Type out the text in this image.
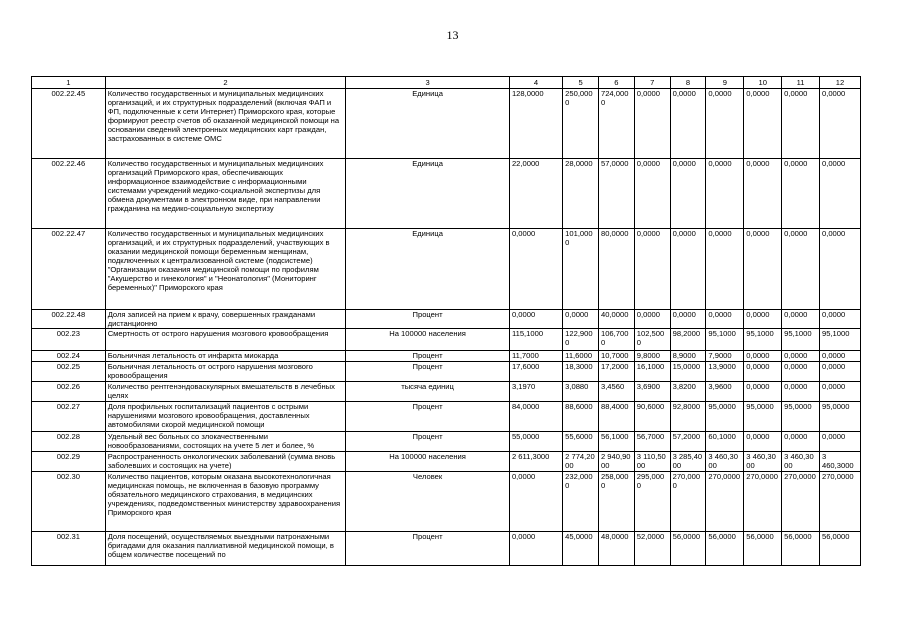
13
1	2	3	4	5	6	7	8	9	10	11	12
002.22.45	Количество государственных и муниципальных медицинских организаций, и их структурных подразделений (включая ФАП и ФП, подключенные к сети Интернет) Приморского края, которые формируют реестр счетов об оказанной медицинской помощи на основании сведений электронных медицинских карт граждан, застрахованных в системе ОМС	Единица	128,0000	250,0000	724,0000	0,0000	0,0000	0,0000	0,0000	0,0000	0,0000
002.22.46	Количество государственных и муниципальных медицинских организаций Приморского края, обеспечивающих информационное взаимодействие с информационными системами учреждений медико-социальной экспертизы для обмена документами в электронном виде, при направлении гражданина на медико-социальную экспертизу	Единица	22,0000	28,0000	57,0000	0,0000	0,0000	0,0000	0,0000	0,0000	0,0000
002.22.47	Количество государственных и муниципальных медицинских организаций, и их структурных подразделений, участвующих в оказании медицинской помощи беременным женщинам, подключенных к централизованной системе (подсистеме) "Организации оказания медицинской помощи по профилям "Акушерство и гинекология" и "Неонатология" (Мониторинг беременных)" Приморского края	Единица	0,0000	101,0000	80,0000	0,0000	0,0000	0,0000	0,0000	0,0000	0,0000
002.22.48	Доля записей на прием к врачу, совершенных гражданами дистанционно	Процент	0,0000	0,0000	40,0000	0,0000	0,0000	0,0000	0,0000	0,0000	0,0000
002.23	Смертность от острого нарушения мозгового кровообращения	На 100000 населения	115,1000	122,9000	106,7000	102,5000	98,2000	95,1000	95,1000	95,1000	95,1000
002.24	Больничная летальность от инфаркта миокарда	Процент	11,7000	11,6000	10,7000	9,8000	8,9000	7,9000	0,0000	0,0000	0,0000
002.25	Больничная летальность от острого нарушения мозгового кровообращения	Процент	17,6000	18,3000	17,2000	16,1000	15,0000	13,9000	0,0000	0,0000	0,0000
002.26	Количество рентгенэндоваскулярных вмешательств в лечебных целях	тысяча единиц	3,1970	3,0880	3,4560	3,6900	3,8200	3,9600	0,0000	0,0000	0,0000
002.27	Доля профильных госпитализаций пациентов с острыми нарушениями мозгового кровообращения, доставленных автомобилями скорой медицинской помощи	Процент	84,0000	88,6000	88,4000	90,6000	92,8000	95,0000	95,0000	95,0000	95,0000
002.28	Удельный вес больных со злокачественными новообразованиями, состоящих на учете 5 лет и более, %	Процент	55,0000	55,6000	56,1000	56,7000	57,2000	60,1000	0,0000	0,0000	0,0000
002.29	Распространенность онкологических заболеваний (сумма вновь заболевших и состоящих на учете)	На 100000 населения	2 611,3000	2 774,20 00	2 940,90 00	3 110,50 00	3 285,40 00	3 460,30 00	3 460,30 00	3 460,30 00	3 460,3000
002.30	Количество пациентов, которым оказана высокотехнологичная медицинская помощь, не включенная в базовую программу обязательного медицинского страхования, в медицинских учреждениях, подведомственных министерству здравоохранения Приморского края	Человек	0,0000	232,0000	258,0000	295,0000	270,0000	270,0000	270,0000	270,0000	270,0000
002.31	Доля посещений, осуществляемых выездными патронажными бригадами для оказания паллиативной медицинской помощи, в общем количестве посещений по	Процент	0,0000	45,0000	48,0000	52,0000	56,0000	56,0000	56,0000	56,0000	56,0000
